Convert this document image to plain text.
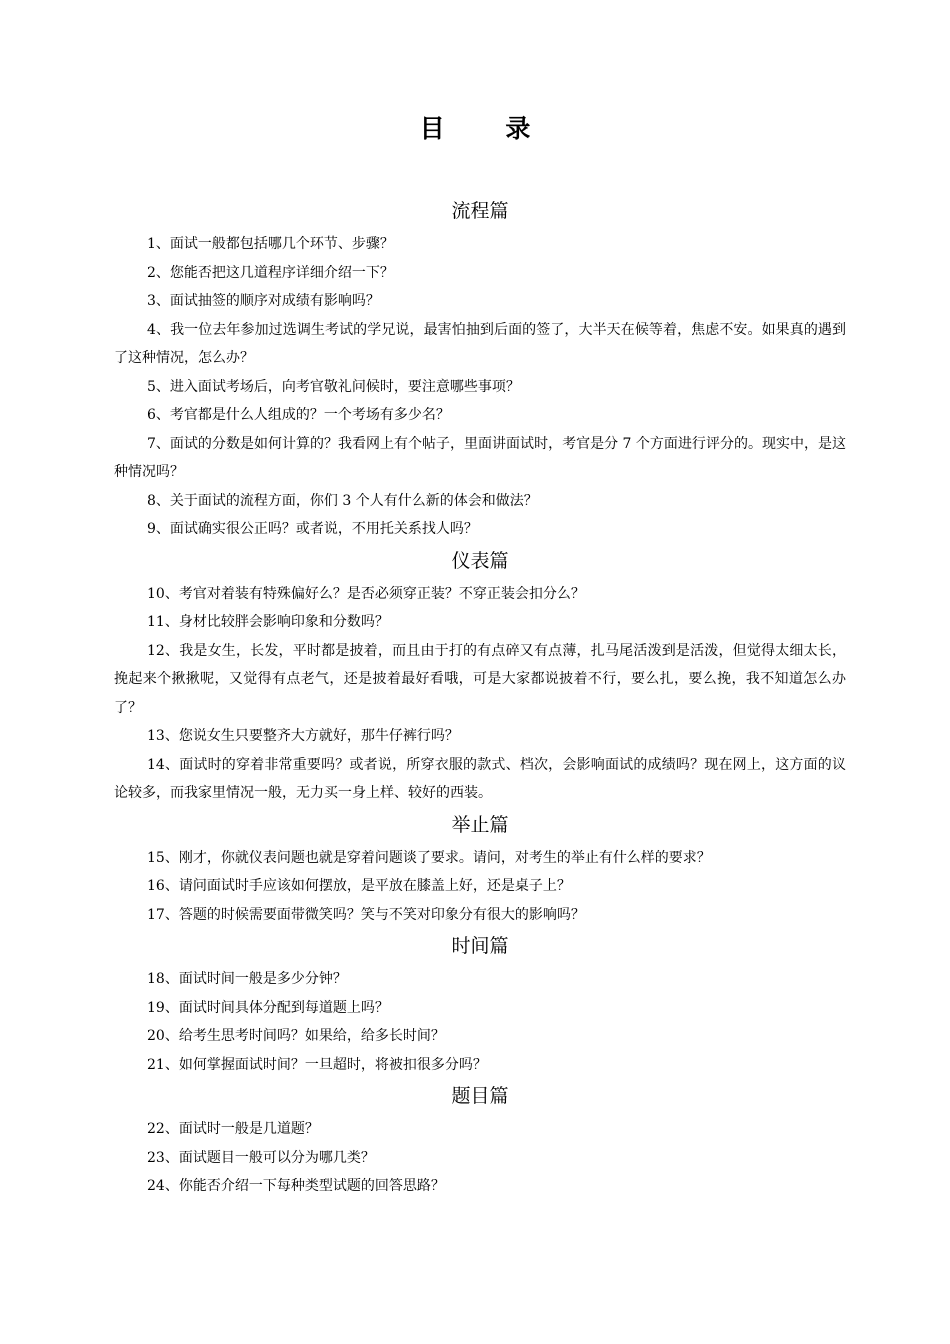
目 录
流程篇
1、面试一般都包括哪几个环节、步骤？
2、您能否把这几道程序详细介绍一下？
3、面试抽签的顺序对成绩有影响吗？
4、我一位去年参加过选调生考试的学兄说，最害怕抽到后面的签了，大半天在候等着，焦虑不安。如果真的遇到了这种情况，怎么办？
5、进入面试考场后，向考官敬礼问候时，要注意哪些事项？
6、考官都是什么人组成的？一个考场有多少名？
7、面试的分数是如何计算的？我看网上有个帖子，里面讲面试时，考官是分 7 个方面进行评分的。现实中，是这种情况吗？
8、关于面试的流程方面，你们 3 个人有什么新的体会和做法？
9、面试确实很公正吗？或者说，不用托关系找人吗？
仪表篇
10、考官对着装有特殊偏好么？是否必须穿正装？不穿正装会扣分么？
11、身材比较胖会影响印象和分数吗？
12、我是女生，长发，平时都是披着，而且由于打的有点碎又有点薄，扎马尾活泼到是活泼，但觉得太细太长，挽起来个揪揪呢，又觉得有点老气，还是披着最好看哦，可是大家都说披着不行，要么扎，要么挽，我不知道怎么办了？
13、您说女生只要整齐大方就好，那牛仔裤行吗？
14、面试时的穿着非常重要吗？或者说，所穿衣服的款式、档次，会影响面试的成绩吗？现在网上，这方面的议论较多，而我家里情况一般，无力买一身上样、较好的西装。
举止篇
15、刚才，你就仪表问题也就是穿着问题谈了要求。请问，对考生的举止有什么样的要求？
16、请问面试时手应该如何摆放，是平放在膝盖上好，还是桌子上？
17、答题的时候需要面带微笑吗？笑与不笑对印象分有很大的影响吗？
时间篇
18、面试时间一般是多少分钟？
19、面试时间具体分配到每道题上吗？
20、给考生思考时间吗？如果给，给多长时间？
21、如何掌握面试时间？一旦超时，将被扣很多分吗？
题目篇
22、面试时一般是几道题？
23、面试题目一般可以分为哪几类？
24、你能否介绍一下每种类型试题的回答思路？
